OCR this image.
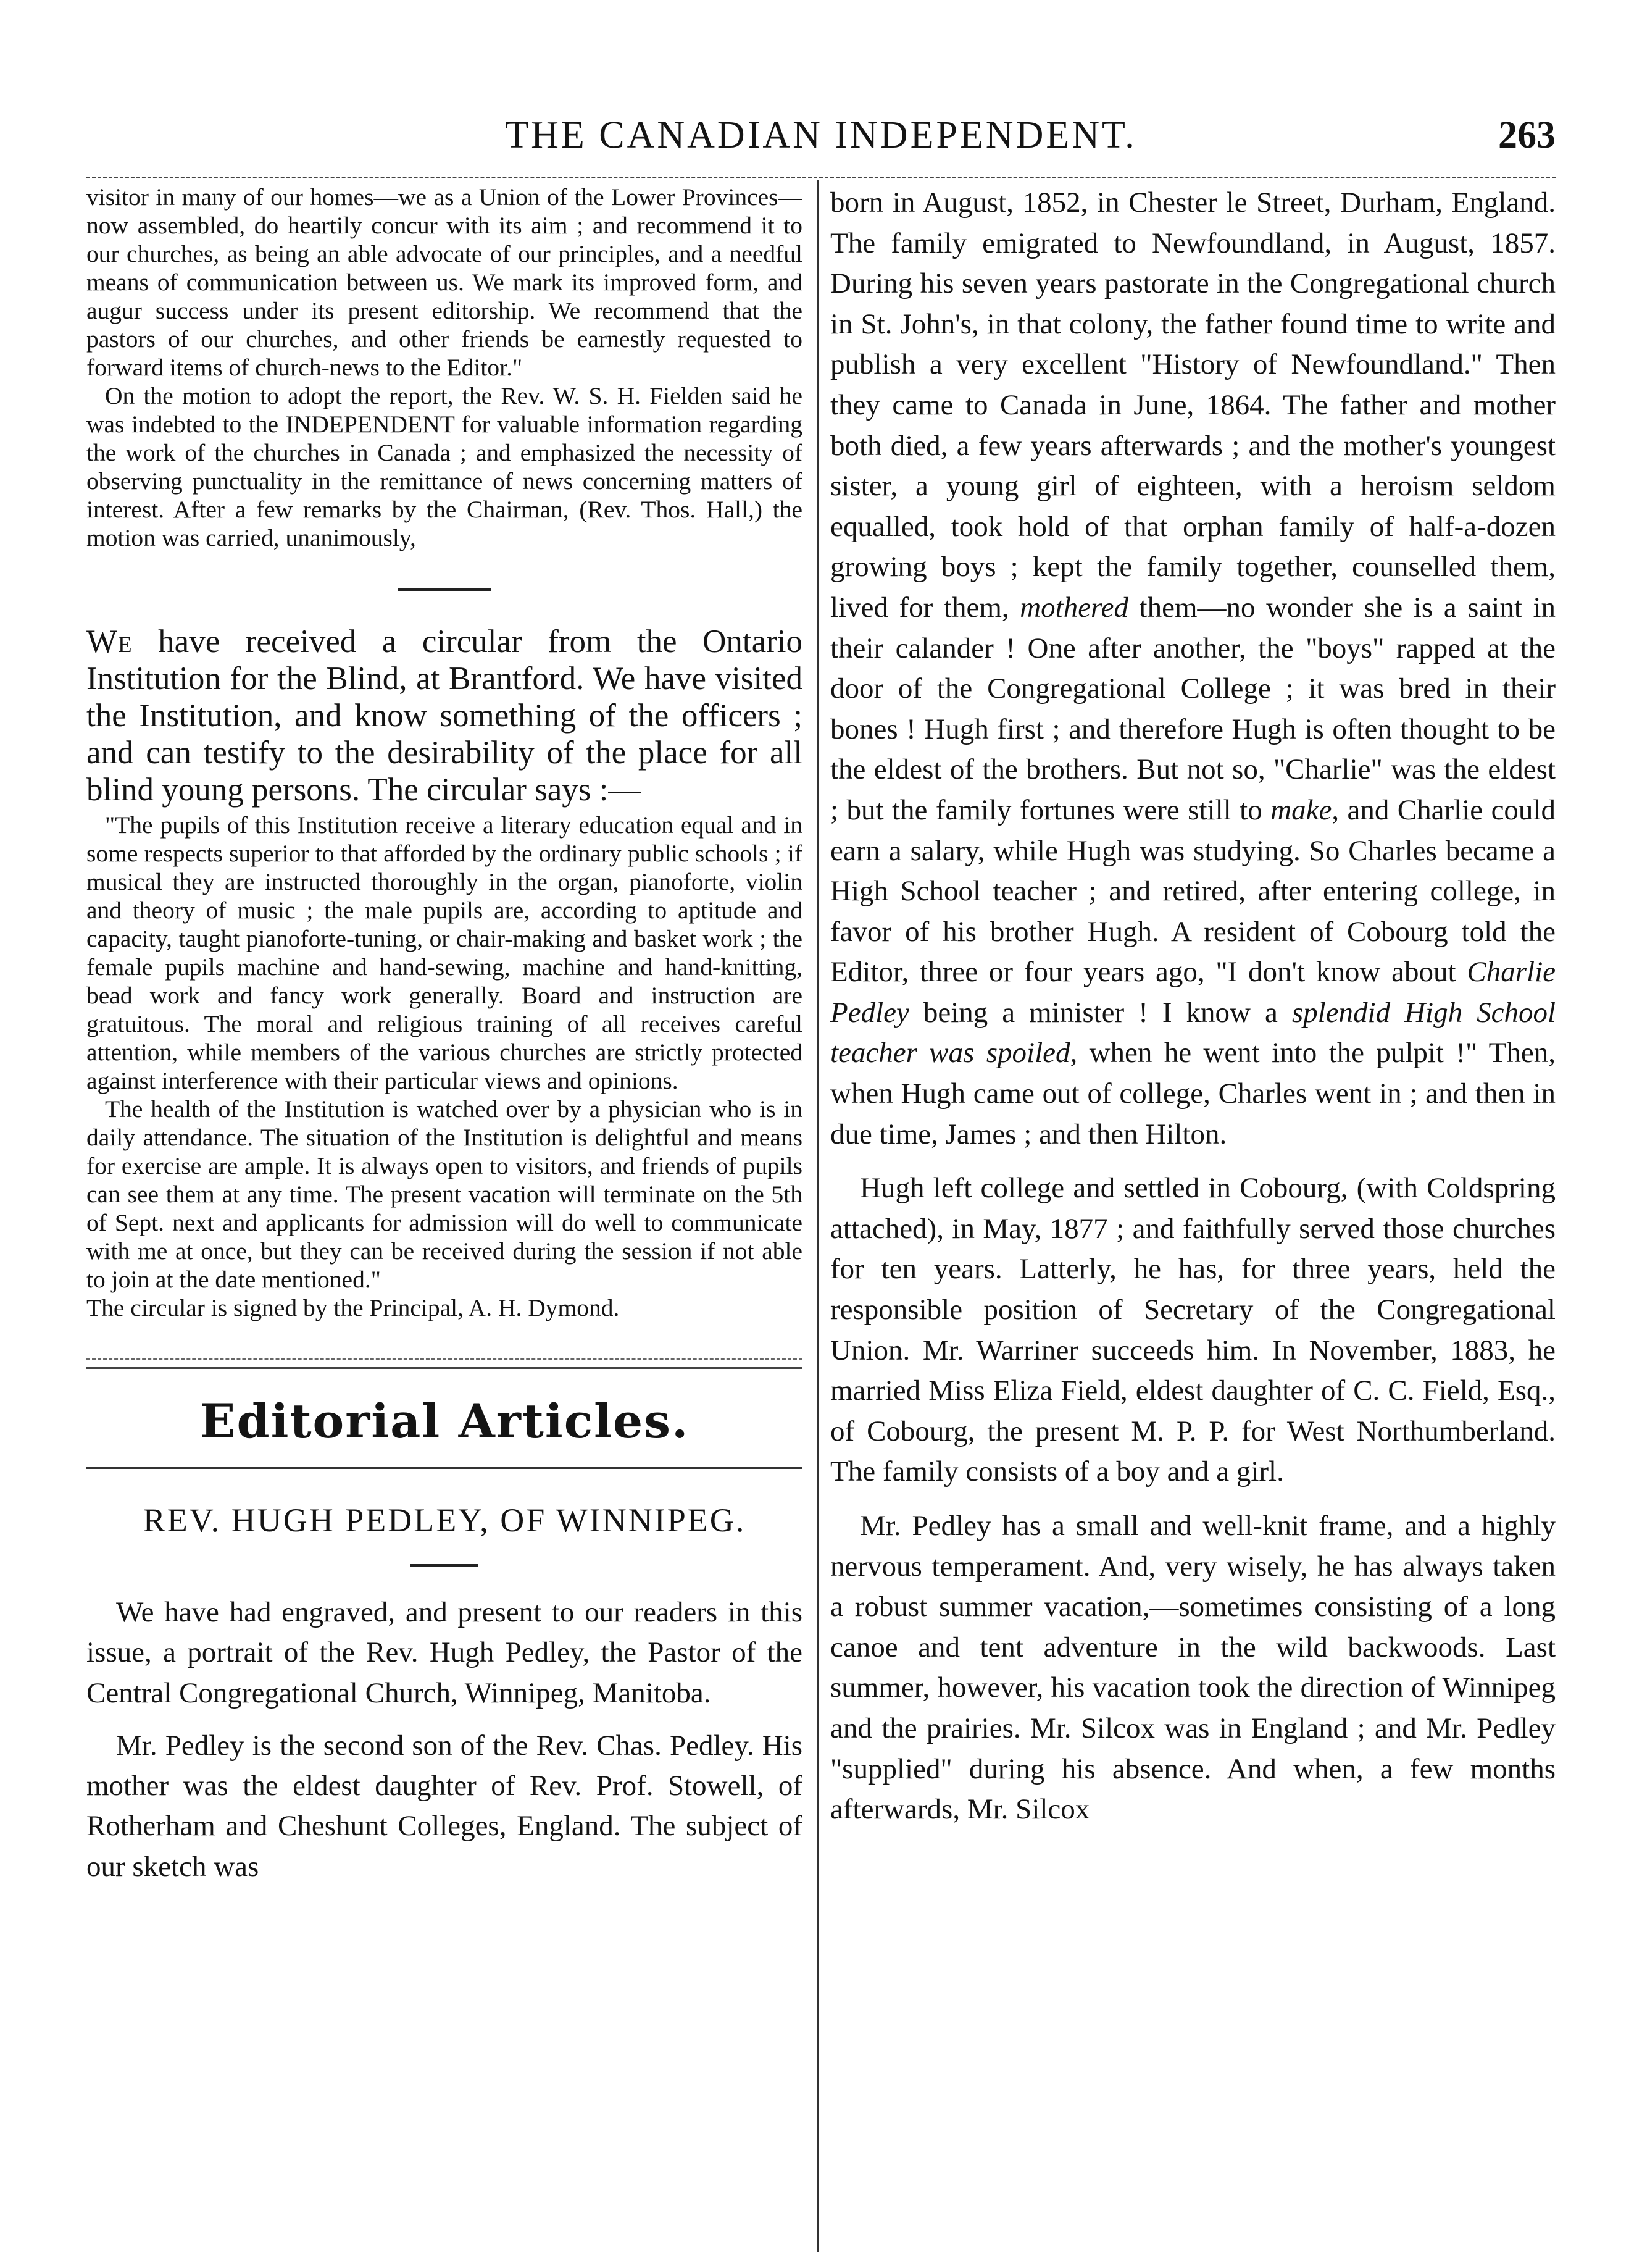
THE CANADIAN INDEPENDENT.	263

visitor in many of our homes—we as a Union of the Lower Provinces—now assembled, do heartily concur with its aim ; and recommend it to our churches, as being an able advocate of our principles, and a needful means of communication between us. We mark its improved form, and augur success under its present editorship. We recommend that the pastors of our churches, and other friends be earnestly requested to forward items of church-news to the Editor."

On the motion to adopt the report, the Rev. W. S. H. Fielden said he was indebted to the INDEPENDENT for valuable information regarding the work of the churches in Canada ; and emphasized the necessity of observing punctuality in the remittance of news concerning matters of interest. After a few remarks by the Chairman, (Rev. Thos. Hall,) the motion was carried, unanimously,

We have received a circular from the Ontario Institution for the Blind, at Brantford. We have visited the Institution, and know something of the officers ; and can testify to the desirability of the place for all blind young persons. The circular says :—

"The pupils of this Institution receive a literary education equal and in some respects superior to that afforded by the ordinary public schools ; if musical they are instructed thoroughly in the organ, pianoforte, violin and theory of music ; the male pupils are, according to aptitude and capacity, taught pianoforte-tuning, or chair-making and basket work ; the female pupils machine and hand-sewing, machine and hand-knitting, bead work and fancy work generally. Board and instruction are gratuitous. The moral and religious training of all receives careful attention, while members of the various churches are strictly protected against interference with their particular views and opinions.

The health of the Institution is watched over by a physician who is in daily attendance. The situation of the Institution is delightful and means for exercise are ample. It is always open to visitors, and friends of pupils can see them at any time. The present vacation will terminate on the 5th of Sept. next and applicants for admission will do well to communicate with me at once, but they can be received during the session if not able to join at the date mentioned."

The circular is signed by the Principal, A. H. Dymond.

Editorial Articles.
REV. HUGH PEDLEY, OF WINNIPEG.

We have had engraved, and present to our readers in this issue, a portrait of the Rev. Hugh Pedley, the Pastor of the Central Congregational Church, Winnipeg, Manitoba.

Mr. Pedley is the second son of the Rev. Chas. Pedley. His mother was the eldest daughter of Rev. Prof. Stowell, of Rotherham and Cheshunt Colleges, England. The subject of our sketch was

born in August, 1852, in Chester le Street, Durham, England. The family emigrated to Newfoundland, in August, 1857. During his seven years pastorate in the Congregational church in St. John's, in that colony, the father found time to write and publish a very excellent "History of Newfoundland." Then they came to Canada in June, 1864. The father and mother both died, a few years afterwards ; and the mother's youngest sister, a young girl of eighteen, with a heroism seldom equalled, took hold of that orphan family of half-a-dozen growing boys ; kept the family together, counselled them, lived for them, mothered them—no wonder she is a saint in their calander ! One after another, the "boys" rapped at the door of the Congregational College ; it was bred in their bones ! Hugh first ; and therefore Hugh is often thought to be the eldest of the brothers. But not so, "Charlie" was the eldest ; but the family fortunes were still to make, and Charlie could earn a salary, while Hugh was studying. So Charles became a High School teacher ; and retired, after entering college, in favor of his brother Hugh. A resident of Cobourg told the Editor, three or four years ago, "I don't know about Charlie Pedley being a minister ! I know a splendid High School teacher was spoiled, when he went into the pulpit !" Then, when Hugh came out of college, Charles went in ; and then in due time, James ; and then Hilton.

Hugh left college and settled in Cobourg, (with Coldspring attached), in May, 1877 ; and faithfully served those churches for ten years. Latterly, he has, for three years, held the responsible position of Secretary of the Congregational Union. Mr. Warriner succeeds him. In November, 1883, he married Miss Eliza Field, eldest daughter of C. C. Field, Esq., of Cobourg, the present M. P. P. for West Northumberland. The family consists of a boy and a girl.

Mr. Pedley has a small and well-knit frame, and a highly nervous temperament. And, very wisely, he has always taken a robust summer vacation,—sometimes consisting of a long canoe and tent adventure in the wild backwoods. Last summer, however, his vacation took the direction of Winnipeg and the prairies. Mr. Silcox was in England ; and Mr. Pedley "supplied" during his absence. And when, a few months afterwards, Mr. Silcox
